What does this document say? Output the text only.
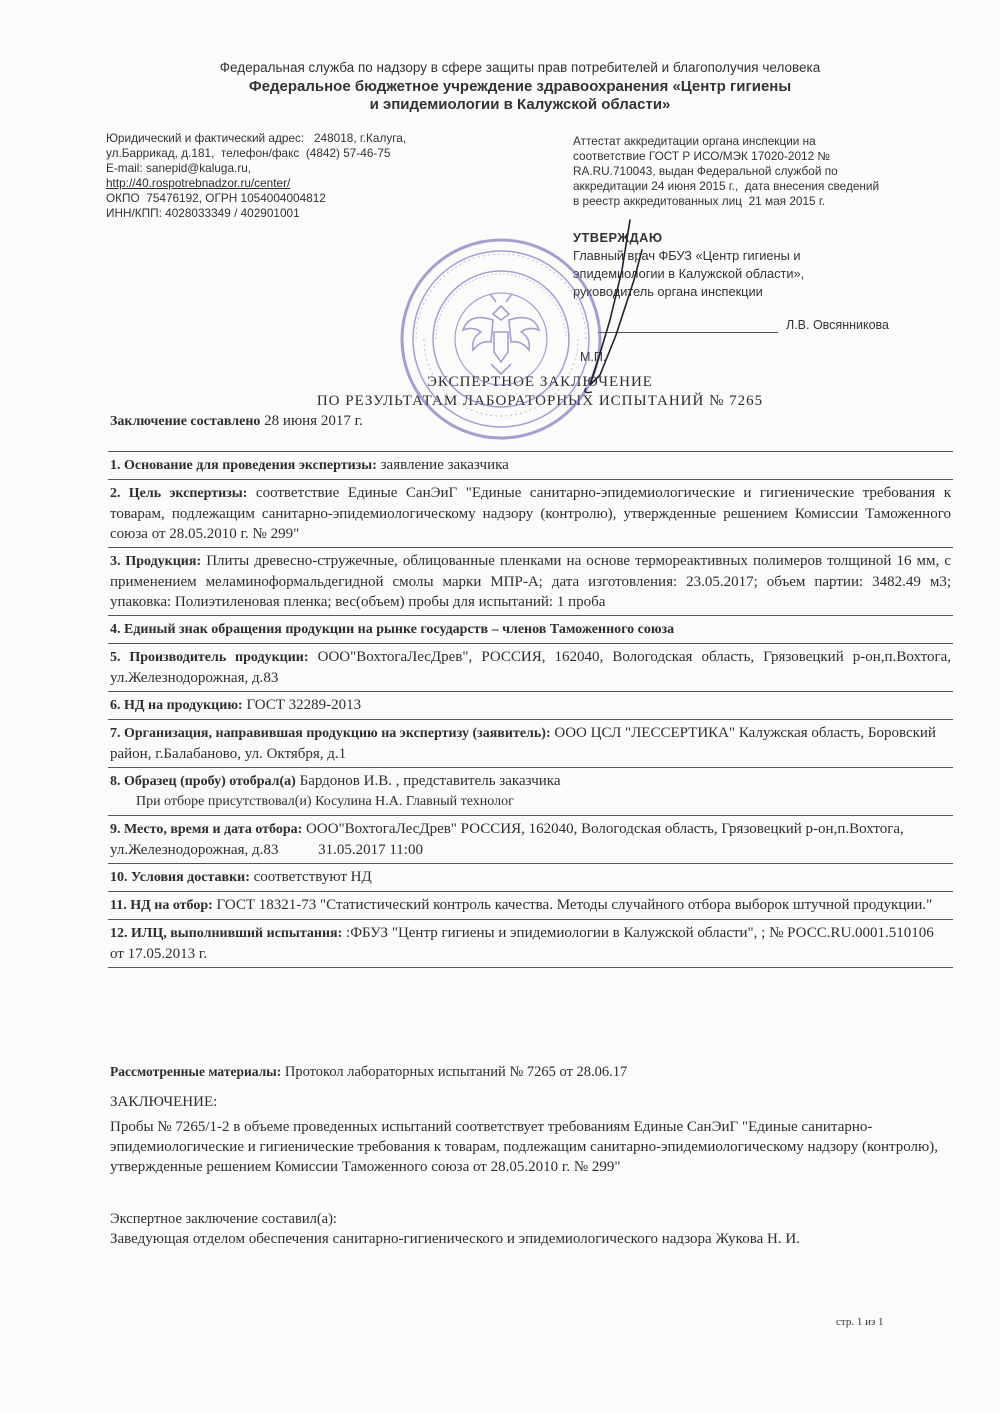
Федеральная служба по надзору в сфере защиты прав потребителей и благополучия человека
Федеральное бюджетное учреждение здравоохранения «Центр гигиены
и эпидемиологии в Калужской области»
Юридический и фактический адрес:   248018, г.Калуга,
ул.Баррикад, д.181,  телефон/факс  (4842) 57-46-75
E-mail: sanepid@kaluga.ru,
http://40.rospotrebnadzor.ru/center/
ОКПО  75476192, ОГРН 1054004004812
ИНН/КПП: 4028033349 / 402901001
Аттестат аккредитации органа инспекции на
соответствие ГОСТ Р ИСО/МЭК 17020-2012 №
RA.RU.710043, выдан Федеральной службой по
аккредитации 24 июня 2015 г.,  дата внесения сведений
в реестр аккредитованных лиц  21 мая 2015 г.
УТВЕРЖДАЮ
Главный врач ФБУЗ «Центр гигиены и
эпидемиологии в Калужской области»,
руководитель органа инспекции
Л.В. Овсянникова
М.П.
ЭКСПЕРТНОЕ ЗАКЛЮЧЕНИЕ
ПО РЕЗУЛЬТАТАМ ЛАБОРАТОРНЫХ ИСПЫТАНИЙ № 7265
Заключение составлено 28 июня 2017 г.
1. Основание для проведения экспертизы: заявление заказчика
2. Цель экспертизы: соответствие Единые СанЭиГ "Единые санитарно-эпидемиологические и гигиенические требования к товарам, подлежащим санитарно-эпидемиологическому надзору (контролю), утвержденные решением Комиссии Таможенного союза от 28.05.2010 г. № 299"
3. Продукция: Плиты древесно-стружечные, облицованные пленками на основе термореактивных полимеров толщиной 16 мм, с применением меламиноформальдегидной смолы марки МПР-А; дата изготовления: 23.05.2017; объем партии: 3482.49 м3; упаковка: Полиэтиленовая пленка; вес(объем) пробы для испытаний: 1 проба
4. Единый знак обращения продукции на рынке государств – членов Таможенного союза
5. Производитель продукции: ООО"ВохтогаЛесДрев", РОССИЯ, 162040, Вологодская область, Грязовецкий р-он,п.Вохтога, ул.Железнодорожная, д.83
6. НД на продукцию: ГОСТ 32289-2013
7. Организация, направившая продукцию на экспертизу (заявитель): ООО ЦСЛ "ЛЕССЕРТИКА" Калужская область, Боровский район, г.Балабаново, ул. Октября, д.1
8. Образец (пробу) отобрал(а) Бардонов И.В. , представитель заказчика
При отборе присутствовал(и) Косулина Н.А. Главный технолог
9. Место, время и дата отбора: ООО"ВохтогаЛесДрев" РОССИЯ, 162040, Вологодская область, Грязовецкий р-он,п.Вохтога, ул.Железнодорожная, д.83	31.05.2017 11:00
10. Условия доставки: соответствуют НД
11. НД на отбор: ГОСТ 18321-73 "Статистический контроль качества. Методы случайного отбора выборок штучной продукции."
12. ИЛЦ, выполнивший испытания: :ФБУЗ "Центр гигиены и эпидемиологии в Калужской области", ; № РОСС.RU.0001.510106 от 17.05.2013 г.
Рассмотренные материалы: Протокол лабораторных испытаний № 7265 от 28.06.17
ЗАКЛЮЧЕНИЕ:
Пробы № 7265/1-2 в объеме проведенных испытаний соответствует требованиям Единые СанЭиГ "Единые санитарно-эпидемиологические и гигиенические требования к товарам, подлежащим санитарно-эпидемиологическому надзору (контролю), утвержденные решением Комиссии Таможенного союза от 28.05.2010 г. № 299"
Экспертное заключение составил(а):
Заведующая отделом обеспечения санитарно-гигиенического и эпидемиологического надзора Жукова Н. И.
стр. 1 из 1
